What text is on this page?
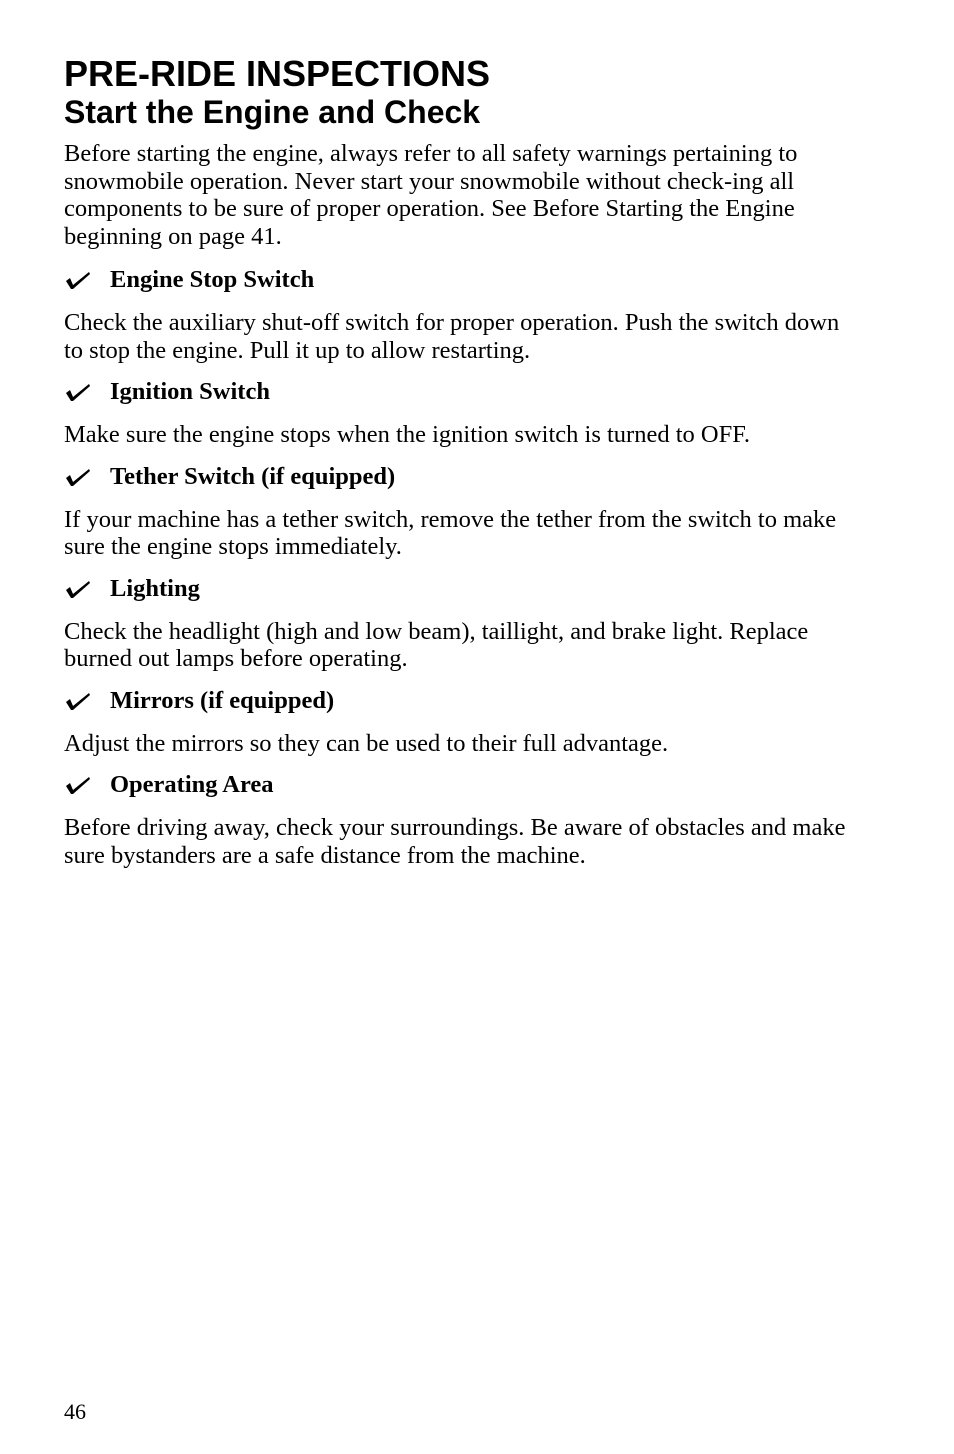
PRE-RIDE INSPECTIONS
Start the Engine and Check

Before starting the engine, always refer to all safety warnings pertaining to snowmobile operation. Never start your snowmobile without check-ing all components to be sure of proper operation. See Before Starting the Engine beginning on page 41.

Engine Stop Switch

Check the auxiliary shut-off switch for proper operation. Push the switch down to stop the engine. Pull it up to allow restarting.

Ignition Switch

Make sure the engine stops when the ignition switch is turned to OFF.

Tether Switch (if equipped)

If your machine has a tether switch, remove the tether from the switch to make sure the engine stops immediately.

Lighting

Check the headlight (high and low beam), taillight, and brake light. Replace burned out lamps before operating.

Mirrors (if equipped)

Adjust the mirrors so they can be used to their full advantage.

Operating Area

Before driving away, check your surroundings. Be aware of obstacles and make sure bystanders are a safe distance from the machine.

46
